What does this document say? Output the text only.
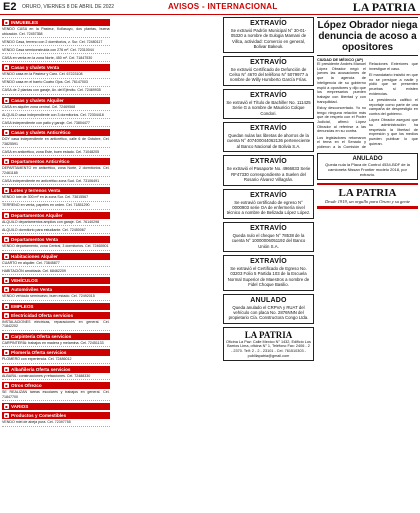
E2 ORURO, VIERNES 8 DE ABRIL DE 2022	AVISOS - INTERNACIONAL	LA PATRIA
■ INMUEBLES
VENDO CASA en la Pasteur, Kollasuyo, dos plantas, buena ubicación. Cel. 72457358
VENDO Casa, terreno con 2 dormitorios, z. Sur. Cel. 72480117
VENDO Casa semiconstruida con 276 m². Cel. 72310044
CASA en venta en la zona Norte, 450 m². Cel. 71847530
■ Casas y chalets Venta
VENDO casa en la Pasteur y Caro. Cel. 67223108
VENDO casa en el barrio Cuatro Ojos. Cel. 76147003
CASA de 2 plantas con garaje, Av. del Ejército. Cel. 72469935
■ Casas y chalets Alquiler
CASA en alquiler zona central. Cel. 72469568
ALQUILO casa independiente con 3 dormitorios. Cel. 72304418
CASA independiente con patio y garaje. Cel. 73804477
■ Casas y chalets Anticrético
DOY casa independiente en anticrético, calle 6 de Octubre, Cel. 73825591
CASA en anticrético, zona Este, buen estado. Cel. 71048205
■ Departamentos Anticrético
DEPARTAMENTO en anticrético, zona Norte, 2 dormitorios. Cel. 72461185
CASA independiente en anticrético zona Sud. Cel. 73106491
■ Lotes y terrenos Venta
VENDO lote de 300 m² en la zona Sur. Cel. 73815567
TERRENO en venta, papeles en orden. Cel. 71851290
■ Departamentos Alquiler
ALQUILO departamentos amplios con garaje. Cel. 76140298
ALQUILO dormitorio para estudiante. Cel. 72450067
■ Departamentos Venta
VENDO departamento, zona Central, 3 dormitorios. Cel. 72465501
■ Habitaciones Alquiler
CUARTO en alquiler. Cel. 73845877
HABITACIÓN amoblada. Cel. 68462209
■ VEHÍCULOS
■ Automóviles Venta
VENDO vehículo seminuevo, buen estado. Cel. 72492015
■ EMPLEOS
■ Electricidad Oferta servicios
INSTALACIONES eléctricas, reparaciones en general. Cel. 71842202
■ Carpintería Oferta servicios
CARPINTERÍA: trabajos en madera y melamina. Cel. 72451133
■ Plomería Oferta servicios
PLOMERO con experiencia. Cel. 72486012
■ Albañilería Oferta servicios
ALBAÑIL: construcciones y refacciones. Cel. 72488330
■ Otros Ofrezco
SE REALIZAN tareas escolares y trabajos en general. Cel. 71847700
■ VARIOS
■ Productos y Comestibles
VENDO miel de abeja pura. Cel. 72397755
EXTRAVÍO
Se extravió Padrón Municipal N° 30-01-05320 a nombre de Eulogia Mamani de Villca, actividad: Comercio en general, Bolivar Bakeuk.
EXTRAVÍO
Se extravió Certificado de Defunción de Celso N° 4670 del teléfono N° 5079977 a nombre de Willy Humberto García Frías.
EXTRAVÍO
Se extravió el Título de Bachiller No. 111425 Serie G a nombre de Mauricio Colque Condori.
EXTRAVÍO
Quedan nulas las libretas de ahorros de la cuenta N° 407400044062136 perteneciente al Banco Nacional de Bolivia S.A.
EXTRAVÍO
Se extravió el Pasaporte No. 4966833 Serie RF47330 correspondiente a Suelen del Rosario Álvarez Villagrán.
EXTRAVÍO
Se extravió certificado de egreso N° 0000903 serie OA de enfermería nivel técnico a nombre de Belizada López López.
EXTRAVÍO
Queda nulo el cheque N° 78538 de la cuenta N° 10000006051192 del Banco Unión S.A.
EXTRAVÍO
Se extravió el Certificado de Egreso No. 03203 Folio 5 Partida 103 de la Escuela Normal Superior de Maestros a nombre de Fidel Choque Basilio.
ANULADO
Queda anulado el CRPVA y RUAT del vehículo con placa No. 2876NNN del propietario Cía. Constructora Congo Ltda.
LA PATRIA
Oficina La Paz: Calle Mexico N° 1432, Edificio Los Barrios Lima, oficina N° 1, Teléfono Fax: 2406 - 2 - 2370. Telf: 2 - 2 - 23101 - Cel. 761510303 - publilapatria@gmail.com
López Obrador niega denuncia de acoso a opositores
CIUDAD DE MÉXICO (AP)

El presidente Andrés Manuel López Obrador negó el jueves las acusaciones de que la agencia de inteligencia de su gobierno espió a opositores y dijo que los empresarios pueden trabajar con libertad y con tranquilidad.

Estoy desconcertado. Yo no tengo ninguna relación más que de respeto con el Poder Judicial, afirmó López Obrador al referirse a las denuncias en su contra.

Los legisladores retomaron el tema en el Senado y pidieron a la Comisión de Relaciones Exteriores que investigue el caso.

El mandatario insistió en que no se persigue a nadie y pidió que se presenten pruebas si existen evidencias.

La presidencia calificó el reportaje como parte de una campaña de desprestigio en contra del gobierno.

López Obrador aseguró que su administración ha respetado la libertad de expresión y que los medios pueden publicar lo que quieran.

ANULADO
Queda nula la Placa de Control 4534-BDF de la camioneta Nissan Frontier modelo 2018, por extravío.
LA PATRIA
Desde 1919, un orgullo para Oruro y su gente
